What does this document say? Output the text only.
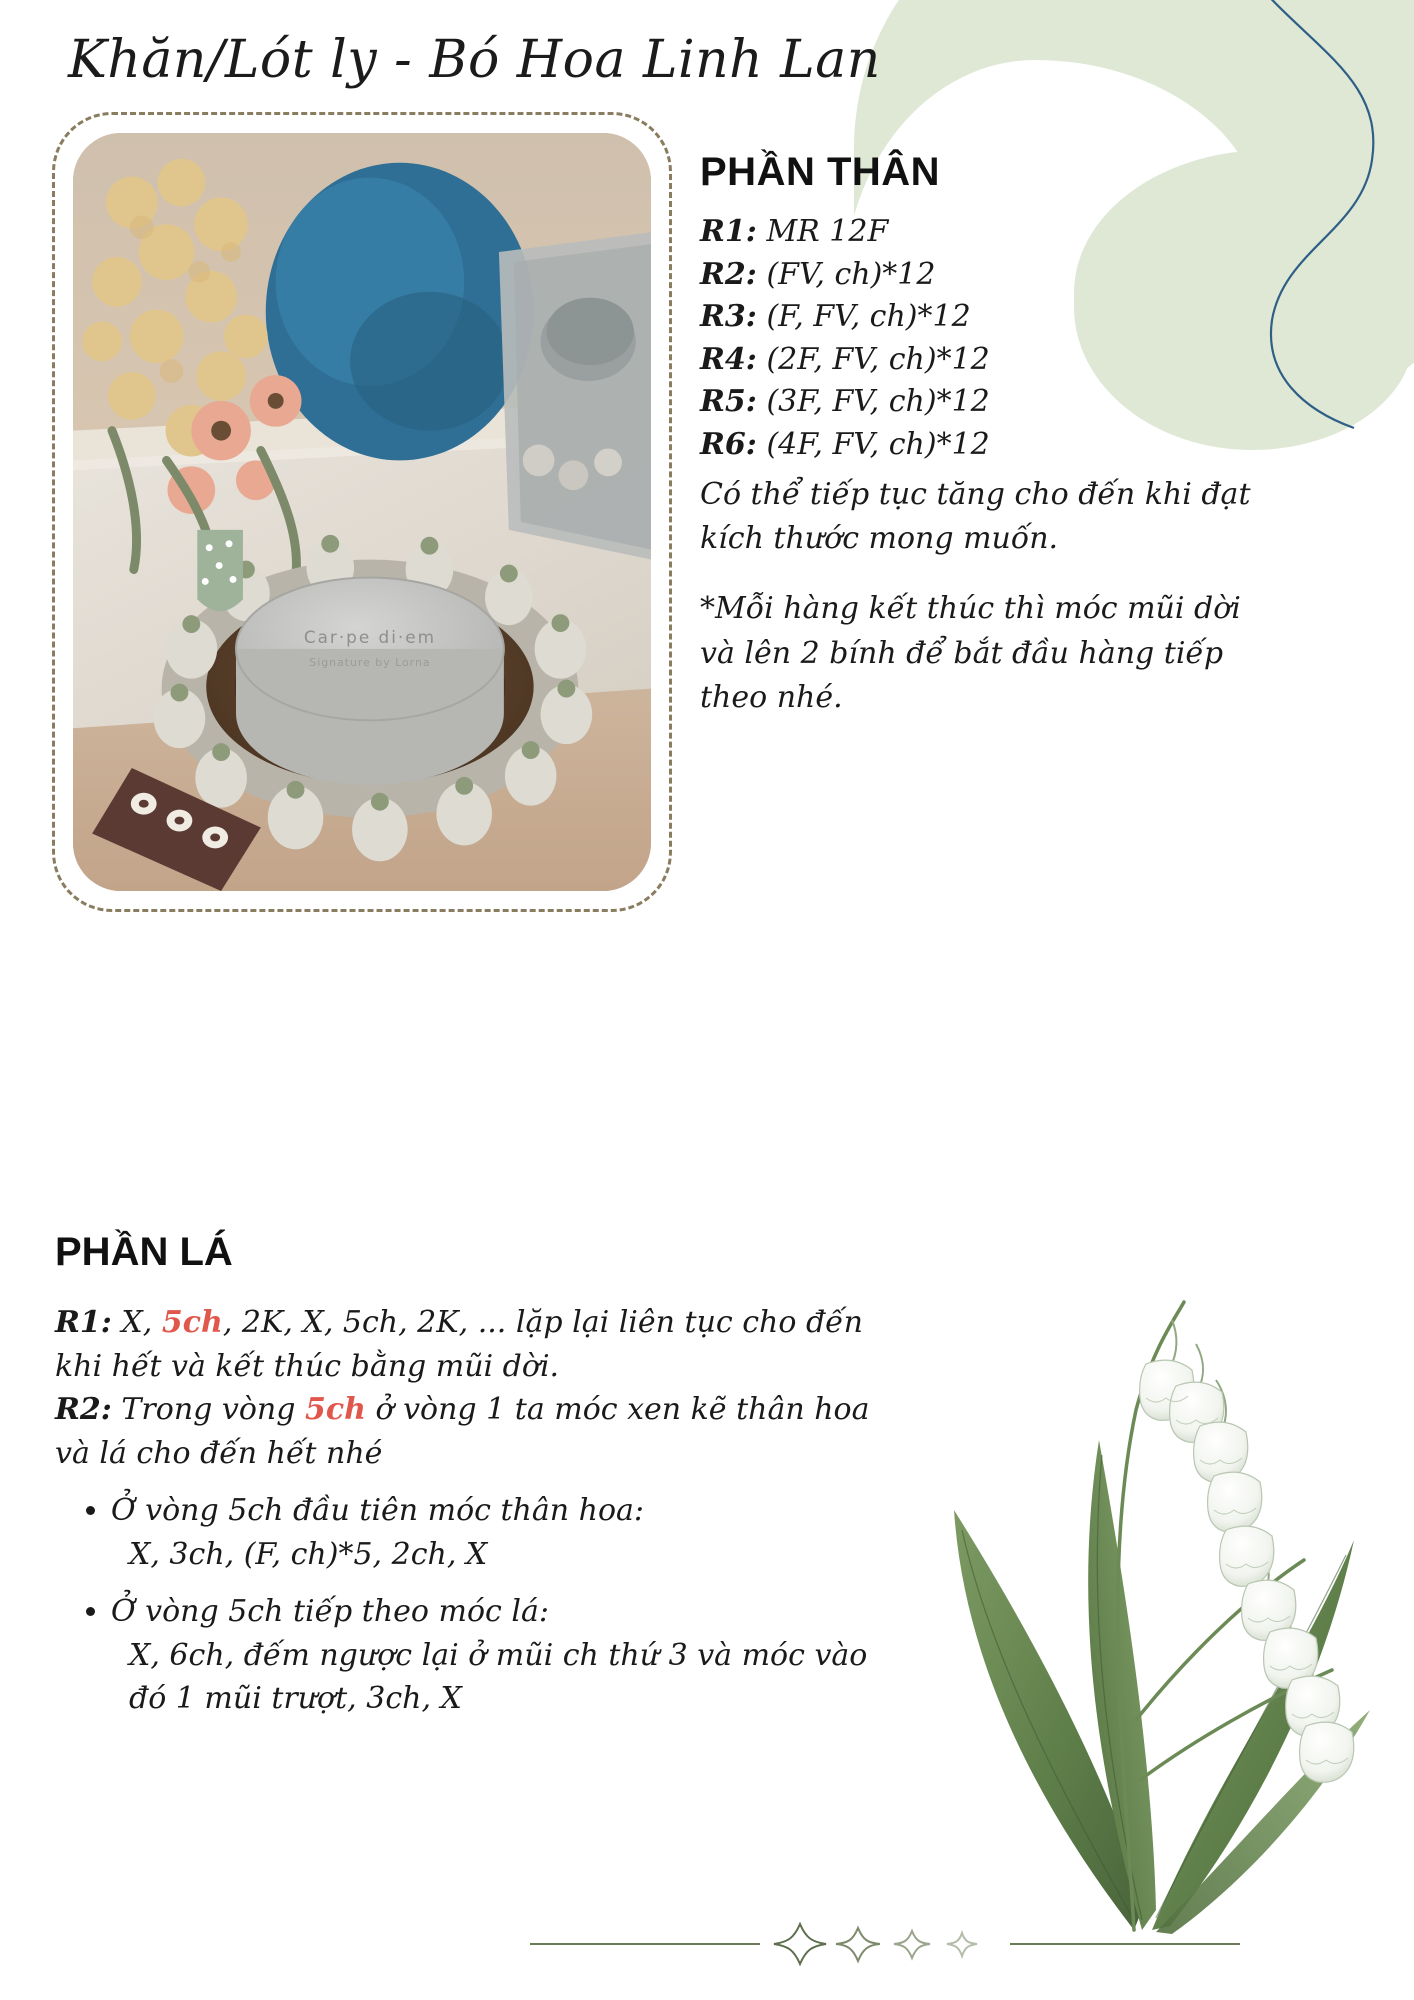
Khăn/Lót ly - Bó Hoa Linh Lan
Car·pe di·em
Signature by Lorna
PHẦN THÂN
R1: MR 12F
R2: (FV, ch)*12
R3: (F, FV, ch)*12
R4: (2F, FV, ch)*12
R5: (3F, FV, ch)*12
R6: (4F, FV, ch)*12
Có thể tiếp tục tăng cho đến khi đạt kích thước mong muốn.
*Mỗi hàng kết thúc thì móc mũi dời và lên 2 bính để bắt đầu hàng tiếp theo nhé.
PHẦN LÁ
R1: X, 5ch, 2K, X, 5ch, 2K, ... lặp lại liên tục cho đến khi hết và kết thúc bằng mũi dời.
R2: Trong vòng 5ch ở vòng 1 ta móc xen kẽ thân hoa và lá cho đến hết nhé
• Ở vòng 5ch đầu tiên móc thân hoa:
X, 3ch, (F, ch)*5, 2ch, X
• Ở vòng 5ch tiếp theo móc lá:
X, 6ch, đếm ngược lại ở mũi ch thứ 3 và móc vào đó 1 mũi trượt, 3ch, X
